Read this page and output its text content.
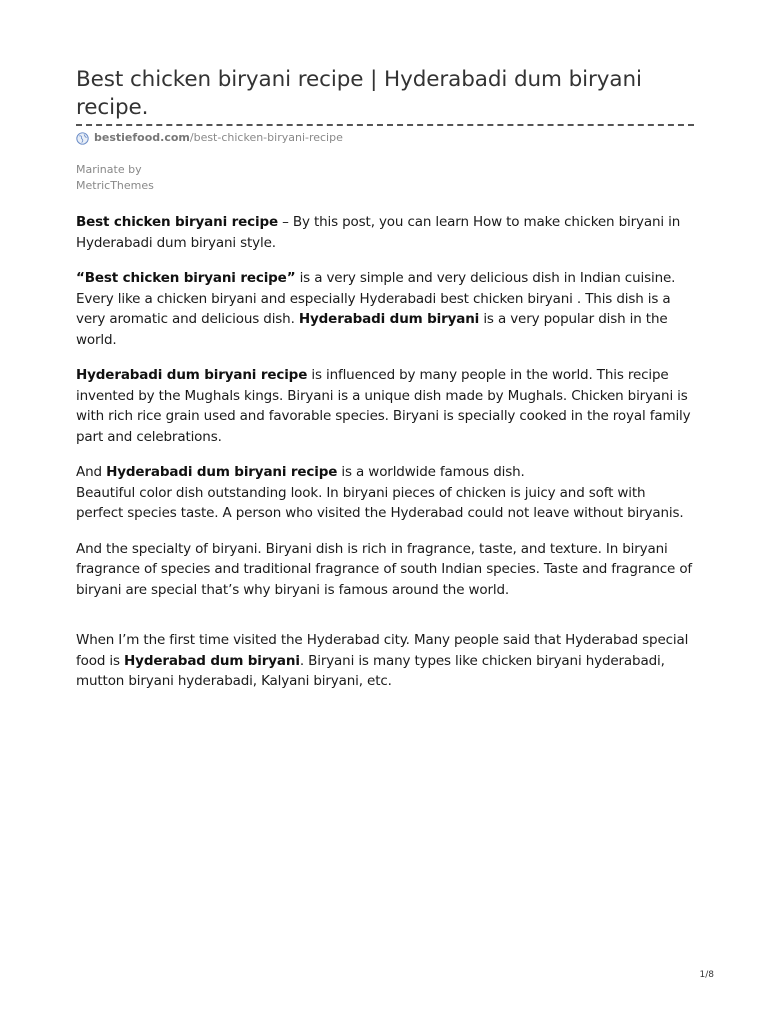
Best chicken biryani recipe | Hyderabadi dum biryani recipe.
bestiefood.com /best-chicken-biryani-recipe
Marinate by
MetricThemes

Best chicken biryani recipe – By this post, you can learn How to make chicken biryani in Hyderabadi dum biryani style.

“Best chicken biryani recipe” is a very simple and very delicious dish in Indian cuisine. Every like a chicken biryani and especially Hyderabadi best chicken biryani . This dish is a very aromatic and delicious dish. Hyderabadi dum biryani is a very popular dish in the world.

Hyderabadi dum biryani recipe is influenced by many people in the world. This recipe invented by the Mughals kings. Biryani is a unique dish made by Mughals. Chicken biryani is with rich rice grain used and favorable species. Biryani is specially cooked in the royal family part and celebrations.

And Hyderabadi dum biryani recipe is a worldwide famous dish.
Beautiful color dish outstanding look. In biryani pieces of chicken is juicy and soft with perfect species taste. A person who visited the Hyderabad could not leave without biryanis.

And the specialty of biryani. Biryani dish is rich in fragrance, taste, and texture. In biryani fragrance of species and traditional fragrance of south Indian species. Taste and fragrance of biryani are special that’s why biryani is famous around the world.

When I’m the first time visited the Hyderabad city. Many people said that Hyderabad special food is Hyderabad dum biryani. Biryani is many types like chicken biryani hyderabadi, mutton biryani hyderabadi, Kalyani biryani, etc.

1/8
